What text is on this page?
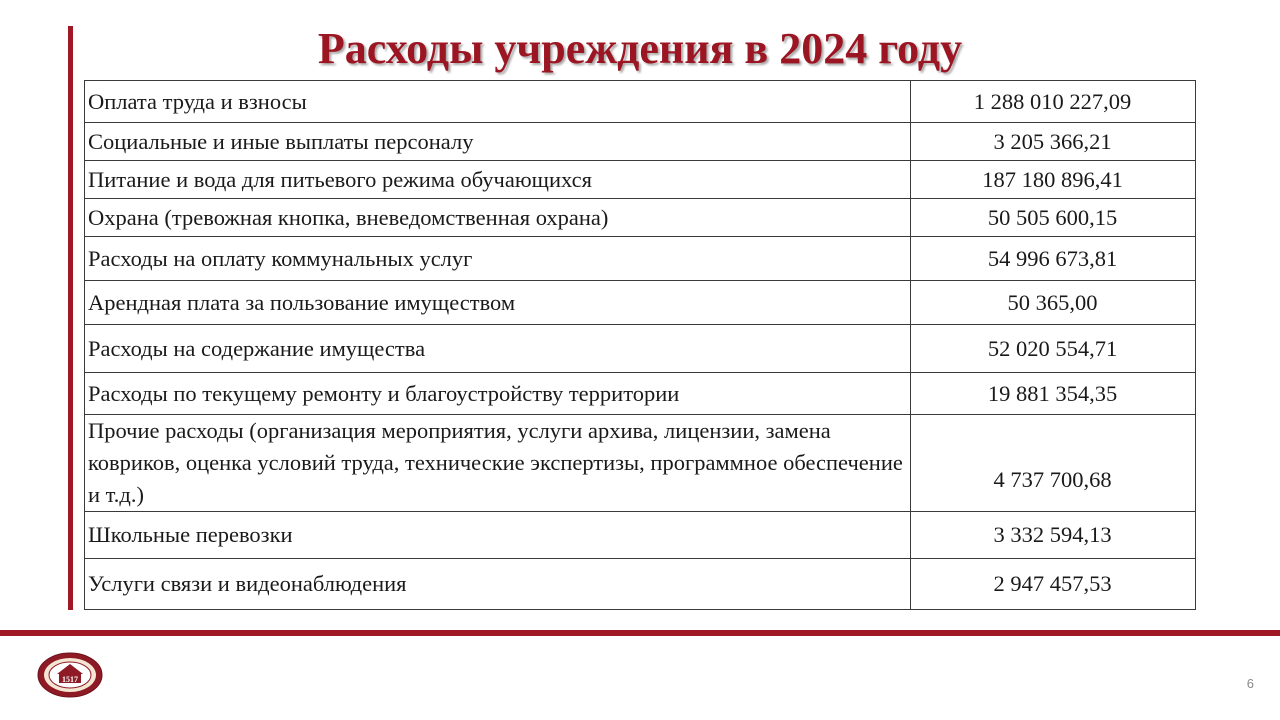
Расходы учреждения в 2024 году
Оплата труда и взносы	1 288 010 227,09
Социальные и иные выплаты персоналу	3 205 366,21
Питание и вода для питьевого режима обучающихся	187 180 896,41
Охрана (тревожная кнопка, вневедомственная охрана)	50 505 600,15
Расходы на оплату коммунальных услуг	54 996 673,81
Арендная плата за пользование имуществом	50 365,00
Расходы на содержание имущества	52 020 554,71
Расходы по текущему ремонту и благоустройству территории	19 881 354,35
Прочие расходы (организация мероприятия, услуги архива, лицензии, замена ковриков, оценка условий труда, технические экспертизы, программное обеспечение и т.д.)	4 737 700,68
Школьные перевозки	3 332 594,13
Услуги связи и видеонаблюдения	2 947 457,53
1517	6
